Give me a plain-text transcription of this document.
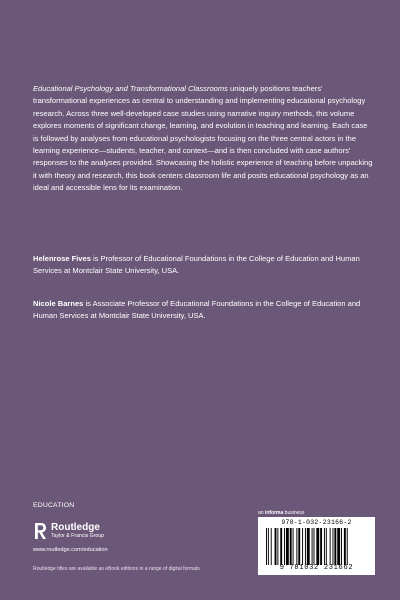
Educational Psychology and Transformational Classrooms uniquely positions teachers' transformational experiences as central to understanding and implementing educational psychology research. Across three well-developed case studies using narrative inquiry methods, this volume explores moments of significant change, learning, and evolution in teaching and learning. Each case is followed by analyses from educational psychologists focusing on the three central actors in the learning experience—students, teacher, and context—and is then concluded with case authors' responses to the analyses provided. Showcasing the holistic experience of teaching before unpacking it with theory and research, this book centers classroom life and posits educational psychology as an ideal and accessible lens for its examination.
Helenrose Fives is Professor of Educational Foundations in the College of Education and Human Services at Montclair State University, USA.
Nicole Barnes is Associate Professor of Educational Foundations in the College of Education and Human Services at Montclair State University, USA.
EDUCATION
Routledge
Taylor & Francis Group
www.routledge.com/education
Routledge titles are available as eBook editions in a range of digital formats
an informa business
978-1-032-23166-2
9 781032 231662
